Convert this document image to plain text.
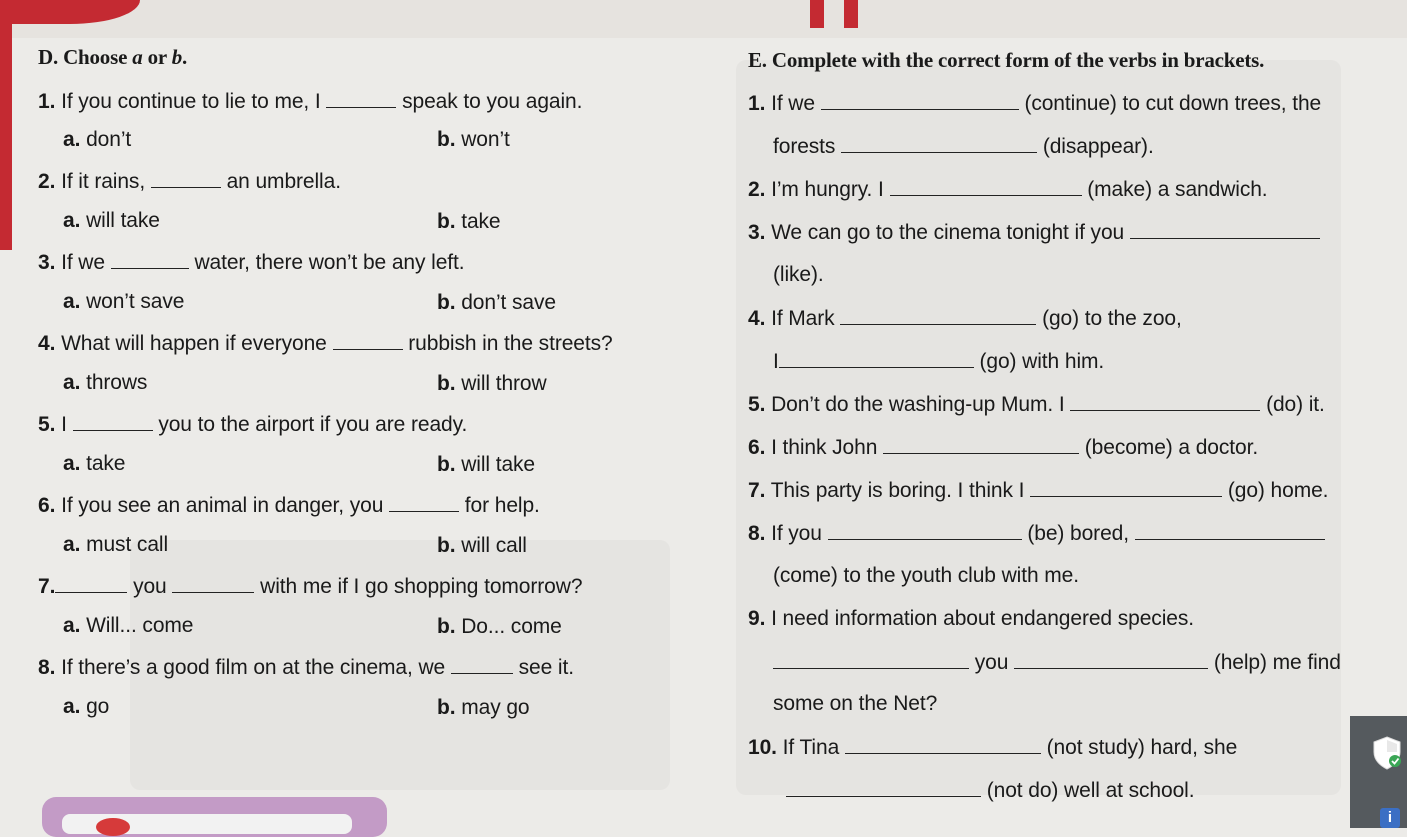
D. Choose a or b.
1. If you continue to lie to me, I	speak to you again.
a. don’t	b. won’t
2. If it rains,	an umbrella.
a. will take	b. take
3. If we	water, there won’t be any left.
a. won’t save	b. don’t save
4. What will happen if everyone	rubbish in the streets?
a. throws	b. will throw
5. I	you to the airport if you are ready.
a. take	b. will take
6. If you see an animal in danger, you	for help.
a. must call	b. will call
7.	you	with me if I go shopping tomorrow?
a. Will... come	b. Do... come
8. If there’s a good film on at the cinema, we	see it.
a. go	b. may go
E. Complete with the correct form of the verbs in brackets.
1. If we	(continue) to cut down trees, the
forests	(disappear).
2. I’m hungry. I	(make) a sandwich.
3. We can go to the cinema tonight if you
(like).
4. If Mark	(go) to the zoo,
I	(go) with him.
5. Don’t do the washing-up Mum. I	(do) it.
6. I think John	(become) a doctor.
7. This party is boring. I think I	(go) home.
8. If you	(be) bored,
(come) to the youth club with me.
9. I need information about endangered species.
you	(help) me find
some on the Net?
10. If Tina	(not study) hard, she
(not do) well at school.
i
